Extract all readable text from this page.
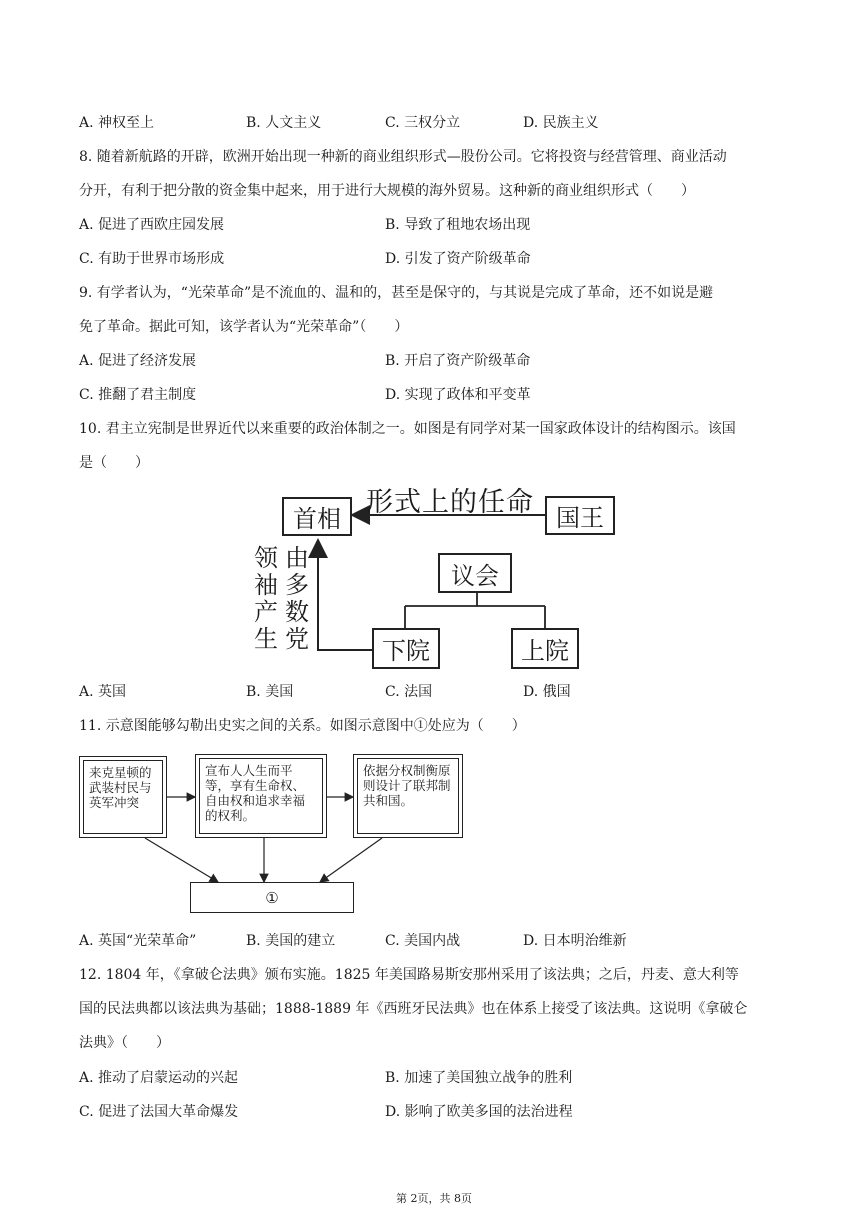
A. 神权至上	B. 人文主义	C. 三权分立	D. 民族主义
8. 随着新航路的开辟，欧洲开始出现一种新的商业组织形式—股份公司。它将投资与经营管理、商业活动
分开，有利于把分散的资金集中起来，用于进行大规模的海外贸易。这种新的商业组织形式（　　）
A. 促进了西欧庄园发展	B. 导致了租地农场出现
C. 有助于世界市场形成	D. 引发了资产阶级革命
9. 有学者认为，“光荣革命”是不流血的、温和的，甚至是保守的，与其说是完成了革命，还不如说是避
免了革命。据此可知，该学者认为“光荣革命”（　　）
A. 促进了经济发展	B. 开启了资产阶级革命
C. 推翻了君主制度	D. 实现了政体和平变革
10. 君主立宪制是世界近代以来重要的政治体制之一。如图是有同学对某一国家政体设计的结构图示。该国
是（　　）
首相
形式上的任命 国王
议会
下院	上院
领袖产生
由多数党
A. 英国	B. 美国	C. 法国	D. 俄国
11. 示意图能够勾勒出史实之间的关系。如图示意图中①处应为（　　）
来克星顿的武装村民与英军冲突
宣布人人生而平等，享有生命权、自由权和追求幸福的权利。
依据分权制衡原则设计了联邦制共和国。
①
A. 英国“光荣革命”	B. 美国的建立	C. 美国内战	D. 日本明治维新
12. 1804 年，《拿破仑法典》颁布实施。1825 年美国路易斯安那州采用了该法典；之后，丹麦、意大利等
国的民法典都以该法典为基础；1888-1889 年《西班牙民法典》也在体系上接受了该法典。这说明《拿破仑
法典》（　　）
A. 推动了启蒙运动的兴起	B. 加速了美国独立战争的胜利
C. 促进了法国大革命爆发	D. 影响了欧美多国的法治进程
第 2页，共 8页
